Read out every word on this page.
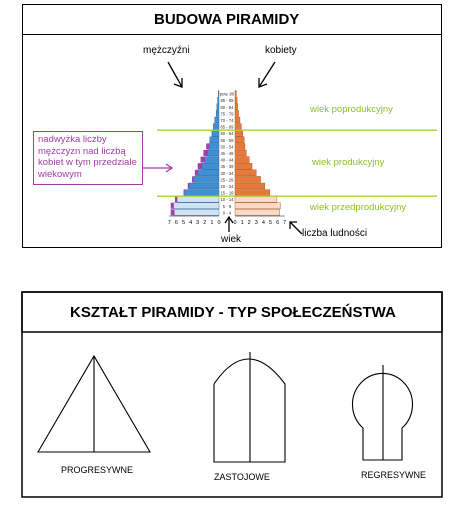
BUDOWA PIRAMIDY
mężczyźni	kobiety
wiek poprodukcyjny
wiek produkcyjny
wiek przedprodukcyjny
wiek
liczba ludności
nadwyżka liczby
mężczyzn nad liczbą
kobiet w tym przedziale
wiekowym
0 - 4
5 - 9
10 - 14
15 - 19
20 - 24
25 - 29
30 - 34
35 - 39
40 - 44
45 - 49
50 - 54
55 - 59
60 - 64
65 - 69
70 - 74
75 - 79
80 - 84
85 - 89
pow. 90
7 6 5 4 3 2 1 0 0 1 2 3 4 5 6 7
KSZTAŁT PIRAMIDY - TYP SPOŁECZEŃSTWA
PROGRESYWNE
ZASTOJOWE	REGRESYWNE
